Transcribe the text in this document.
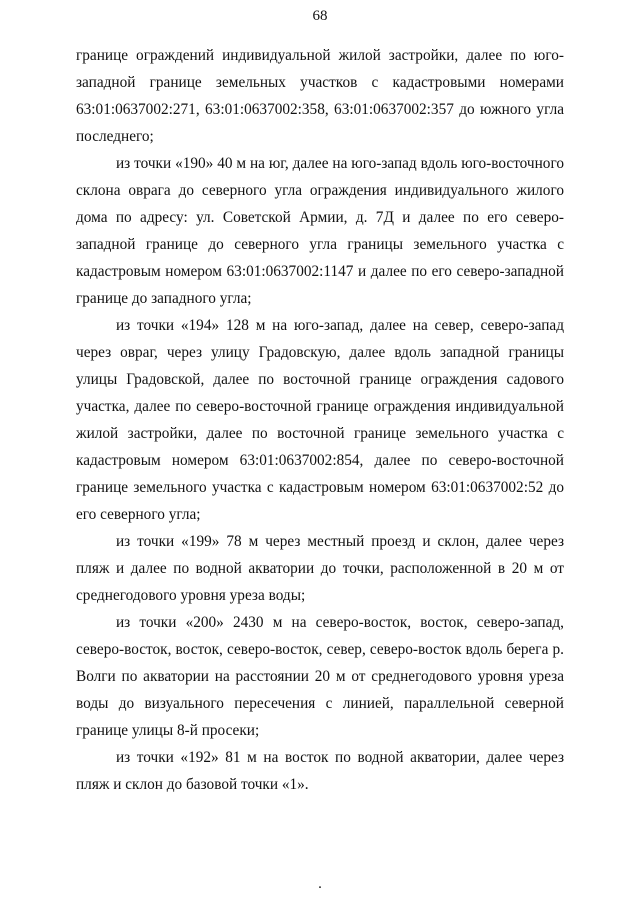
68

границе ограждений индивидуальной жилой застройки, далее по юго-западной границе земельных участков с кадастровыми номерами 63:01:0637002:271, 63:01:0637002:358, 63:01:0637002:357 до южного угла последнего;

из точки «190» 40 м на юг, далее на юго-запад вдоль юго-восточного склона оврага до северного угла ограждения индивидуального жилого дома по адресу: ул. Советской Армии, д. 7Д и далее по его северо-западной границе до северного угла границы земельного участка с кадастровым номером 63:01:0637002:1147 и далее по его северо-западной границе до западного угла;

из точки «194» 128 м на юго-запад, далее на север, северо-запад через овраг, через улицу Градовскую, далее вдоль западной границы улицы Градовской, далее по восточной границе ограждения садового участка, далее по северо-восточной границе ограждения индивидуальной жилой застройки, далее по восточной границе земельного участка с кадастровым номером 63:01:0637002:854, далее по северо-восточной границе земельного участка с кадастровым номером 63:01:0637002:52 до его северного угла;

из точки «199» 78 м через местный проезд и склон, далее через пляж и далее по водной акватории до точки, расположенной в 20 м от среднегодового уровня уреза воды;

из точки «200» 2430 м на северо-восток, восток, северо-запад, северо-восток, восток, северо-восток, север, северо-восток вдоль берега р. Волги по акватории на расстоянии 20 м от среднегодового уровня уреза воды до визуального пересечения с линией, параллельной северной границе улицы 8-й просеки;

из точки «192» 81 м на восток по водной акватории, далее через пляж и склон до базовой точки «1».

.
